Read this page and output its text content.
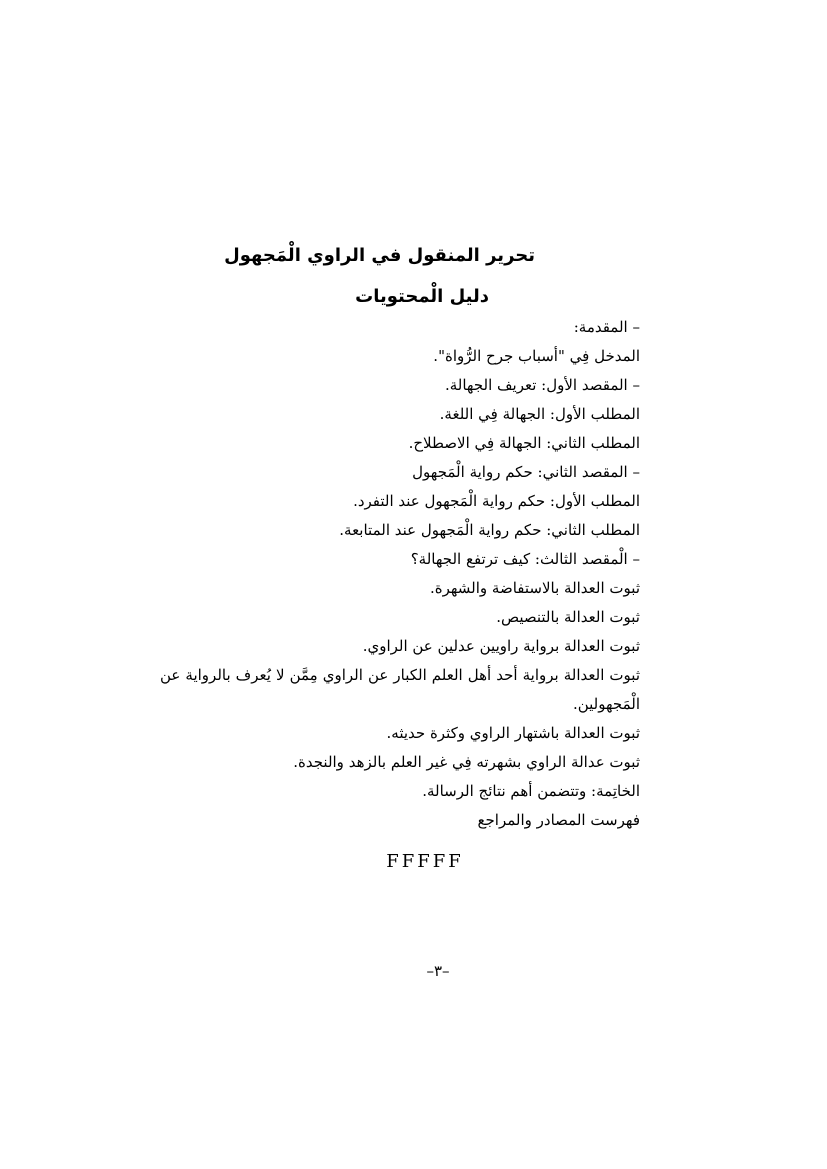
تحرير المنقول في الراوي الْمَجهول
دليل الْمحتويات
– المقدمة:
المدخل فِي "أسباب جرح الرُّواة".
– المقصد الأول: تعريف الجهالة.
المطلب الأول: الجهالة فِي اللغة.
المطلب الثاني: الجهالة فِي الاصطلاح.
– المقصد الثاني: حكم رواية الْمَجهول
المطلب الأول: حكم رواية الْمَجهول عند التفرد.
المطلب الثاني: حكم رواية الْمَجهول عند المتابعة.
– الْمقصد الثالث: كيف ترتفع الجهالة؟
ثبوت العدالة بالاستفاضة والشهرة.
ثبوت العدالة بالتنصيص.
ثبوت العدالة برواية راويين عدلين عن الراوي.
ثبوت العدالة برواية أحد أهل العلم الكبار عن الراوي مِمَّن لا يُعرف بالرواية عن الْمَجهولين.
ثبوت العدالة باشتهار الراوي وكثرة حديثه.
ثبوت عدالة الراوي بشهرته فِي غير العلم بالزهد والنجدة.
الخاتِمة: وتتضمن أهم نتائج الرسالة.
فهرست المصادر والمراجع
FFFFF
–٣–
